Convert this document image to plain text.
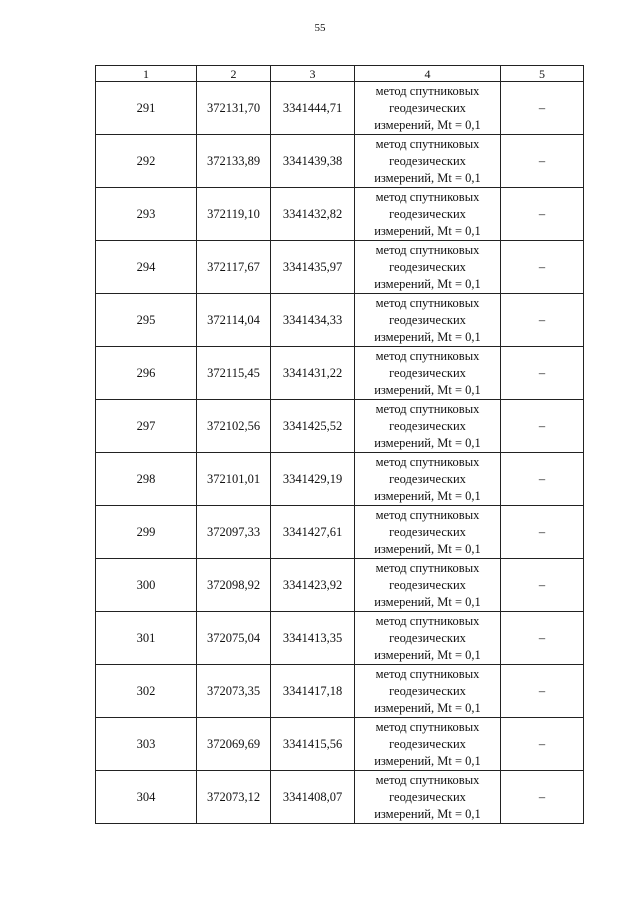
55
1	2	3	4	5
291	372131,70	3341444,71	метод спутниковых
геодезических
измерений, Mt = 0,1	–
292	372133,89	3341439,38	метод спутниковых
геодезических
измерений, Mt = 0,1	–
293	372119,10	3341432,82	метод спутниковых
геодезических
измерений, Mt = 0,1	–
294	372117,67	3341435,97	метод спутниковых
геодезических
измерений, Mt = 0,1	–
295	372114,04	3341434,33	метод спутниковых
геодезических
измерений, Mt = 0,1	–
296	372115,45	3341431,22	метод спутниковых
геодезических
измерений, Mt = 0,1	–
297	372102,56	3341425,52	метод спутниковых
геодезических
измерений, Mt = 0,1	–
298	372101,01	3341429,19	метод спутниковых
геодезических
измерений, Mt = 0,1	–
299	372097,33	3341427,61	метод спутниковых
геодезических
измерений, Mt = 0,1	–
300	372098,92	3341423,92	метод спутниковых
геодезических
измерений, Mt = 0,1	–
301	372075,04	3341413,35	метод спутниковых
геодезических
измерений, Mt = 0,1	–
302	372073,35	3341417,18	метод спутниковых
геодезических
измерений, Mt = 0,1	–
303	372069,69	3341415,56	метод спутниковых
геодезических
измерений, Mt = 0,1	–
304	372073,12	3341408,07	метод спутниковых
геодезических
измерений, Mt = 0,1	–
